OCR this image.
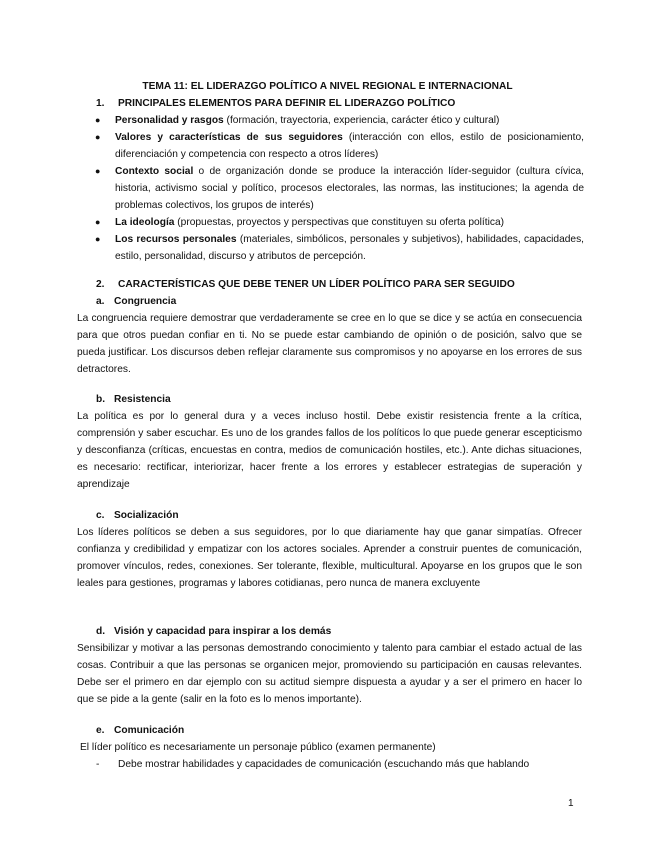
TEMA 11: EL LIDERAZGO POLÍTICO A NIVEL REGIONAL E INTERNACIONAL
1. PRINCIPALES ELEMENTOS PARA DEFINIR EL LIDERAZGO POLÍTICO
● Personalidad y rasgos (formación, trayectoria, experiencia, carácter ético y cultural)
● Valores y características de sus seguidores (interacción con ellos, estilo de posicionamiento, diferenciación y competencia con respecto a otros líderes)
● Contexto social o de organización donde se produce la interacción líder-seguidor (cultura cívica, historia, activismo social y político, procesos electorales, las normas, las instituciones; la agenda de problemas colectivos, los grupos de interés)
● La ideología (propuestas, proyectos y perspectivas que constituyen su oferta política)
● Los recursos personales (materiales, simbólicos, personales y subjetivos), habilidades, capacidades, estilo, personalidad, discurso y atributos de percepción.
2. CARACTERÍSTICAS QUE DEBE TENER UN LÍDER POLÍTICO PARA SER SEGUIDO
a. Congruencia
La congruencia requiere demostrar que verdaderamente se cree en lo que se dice y se actúa en consecuencia para que otros puedan confiar en ti. No se puede estar cambiando de opinión o de posición, salvo que se pueda justificar. Los discursos deben reflejar claramente sus compromisos y no apoyarse en los errores de sus detractores.
b. Resistencia
La política es por lo general dura y a veces incluso hostil. Debe existir resistencia frente a la crítica, comprensión y saber escuchar. Es uno de los grandes fallos de los políticos lo que puede generar escepticismo y desconfianza (críticas, encuestas en contra, medios de comunicación hostiles, etc.). Ante dichas situaciones, es necesario: rectificar, interiorizar, hacer frente a los errores y establecer estrategias de superación y aprendizaje
c. Socialización
Los líderes políticos se deben a sus seguidores, por lo que diariamente hay que ganar simpatías. Ofrecer confianza y credibilidad y empatizar con los actores sociales. Aprender a construir puentes de comunicación, promover vínculos, redes, conexiones. Ser tolerante, flexible, multicultural. Apoyarse en los grupos que le son leales para gestiones, programas y labores cotidianas, pero nunca de manera excluyente
d. Visión y capacidad para inspirar a los demás
Sensibilizar y motivar a las personas demostrando conocimiento y talento para cambiar el estado actual de las cosas. Contribuir a que las personas se organicen mejor, promoviendo su participación en causas relevantes. Debe ser el primero en dar ejemplo con su actitud siempre dispuesta a ayudar y a ser el primero en hacer lo que se pide a la gente (salir en la foto es lo menos importante).
e. Comunicación
El líder político es necesariamente un personaje público (examen permanente)
- Debe mostrar habilidades y capacidades de comunicación (escuchando más que hablando
1
